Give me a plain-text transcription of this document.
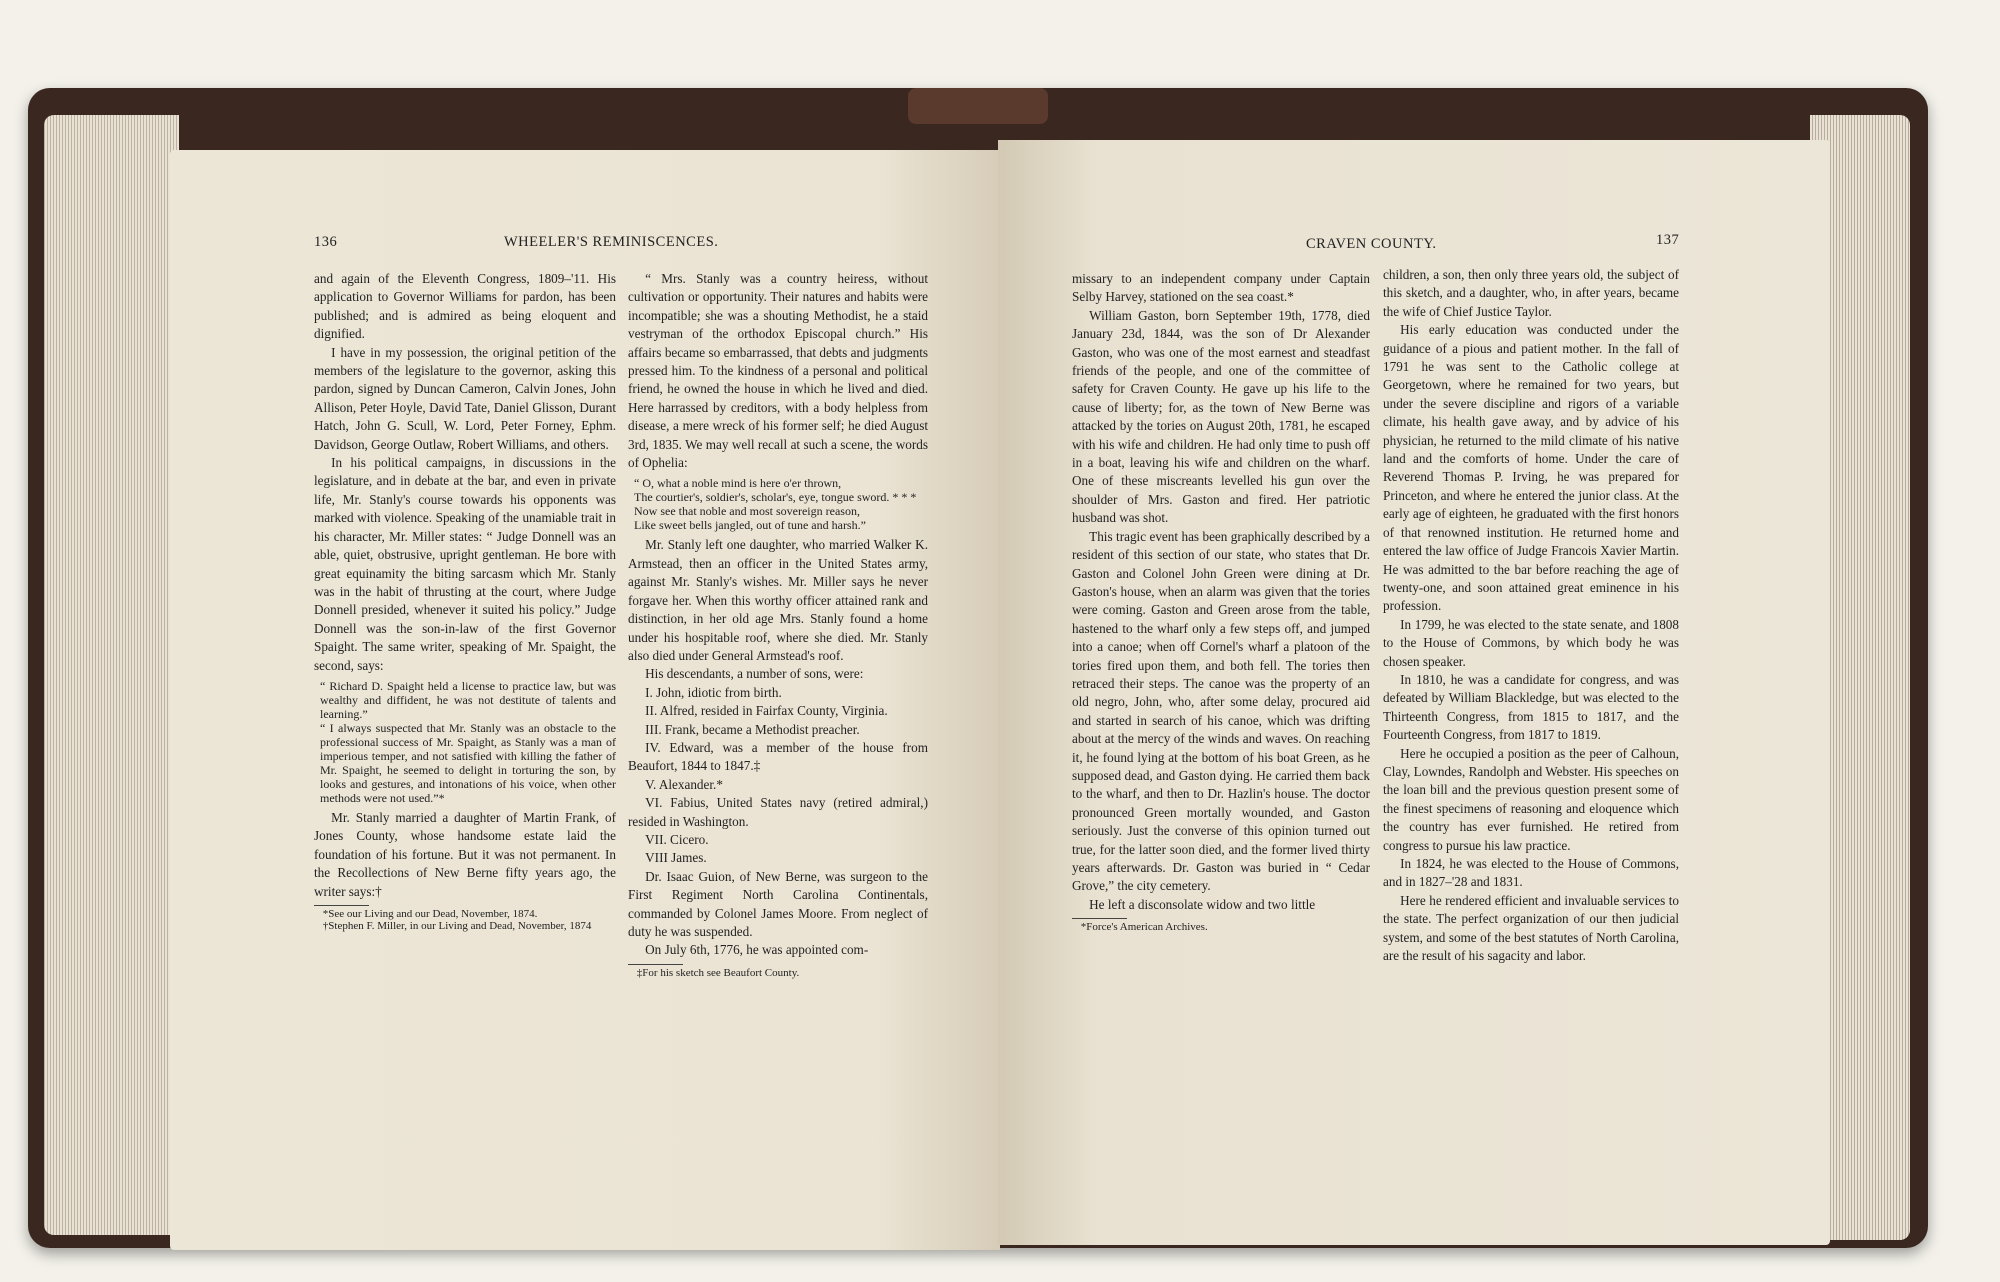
136	WHEELER'S REMINISCENCES.

and again of the Eleventh Congress, 1809–'11. His application to Governor Williams for pardon, has been published; and is admired as being eloquent and dignified.

I have in my possession, the original petition of the members of the legislature to the governor, asking this pardon, signed by Duncan Cameron, Calvin Jones, John Allison, Peter Hoyle, David Tate, Daniel Glisson, Durant Hatch, John G. Scull, W. Lord, Peter Forney, Ephm. Davidson, George Outlaw, Robert Williams, and others.

In his political campaigns, in discussions in the legislature, and in debate at the bar, and even in private life, Mr. Stanly's course towards his opponents was marked with violence. Speaking of the unamiable trait in his character, Mr. Miller states: “ Judge Donnell was an able, quiet, obstrusive, upright gentleman. He bore with great equinamity the biting sarcasm which Mr. Stanly was in the habit of thrusting at the court, where Judge Donnell presided, whenever it suited his policy.” Judge Donnell was the son-in-law of the first Governor Spaight. The same writer, speaking of Mr. Spaight, the second, says:

“ Richard D. Spaight held a license to practice law, but was wealthy and diffident, he was not destitute of talents and learning.”

“ I always suspected that Mr. Stanly was an obstacle to the professional success of Mr. Spaight, as Stanly was a man of imperious temper, and not satisfied with killing the father of Mr. Spaight, he seemed to delight in torturing the son, by looks and gestures, and intonations of his voice, when other methods were not used.”*

Mr. Stanly married a daughter of Martin Frank, of Jones County, whose handsome estate laid the foundation of his fortune. But it was not permanent. In the Recollections of New Berne fifty years ago, the writer says:†

*See our Living and our Dead, November, 1874.

†Stephen F. Miller, in our Living and Dead, November, 1874

“ Mrs. Stanly was a country heiress, without cultivation or opportunity. Their natures and habits were incompatible; she was a shouting Methodist, he a staid vestryman of the orthodox Episcopal church.” His affairs became so embarrassed, that debts and judgments pressed him. To the kindness of a personal and political friend, he owned the house in which he lived and died. Here harrassed by creditors, with a body helpless from disease, a mere wreck of his former self; he died August 3rd, 1835. We may well recall at such a scene, the words of Ophelia:

“ O, what a noble mind is here o'er thrown,

The courtier's, soldier's, scholar's, eye, tongue sword. * * *

Now see that noble and most sovereign reason,

Like sweet bells jangled, out of tune and harsh.”

Mr. Stanly left one daughter, who married Walker K. Armstead, then an officer in the United States army, against Mr. Stanly's wishes. Mr. Miller says he never forgave her. When this worthy officer attained rank and distinction, in her old age Mrs. Stanly found a home under his hospitable roof, where she died. Mr. Stanly also died under General Armstead's roof.

His descendants, a number of sons, were:

I. John, idiotic from birth.

II. Alfred, resided in Fairfax County, Virginia.

III. Frank, became a Methodist preacher.

IV. Edward, was a member of the house from Beaufort, 1844 to 1847.‡

V. Alexander.*

VI. Fabius, United States navy (retired admiral,) resided in Washington.

VII. Cicero.

VIII James.

Dr. Isaac Guion, of New Berne, was surgeon to the First Regiment North Carolina Continentals, commanded by Colonel James Moore. From neglect of duty he was suspended.

On July 6th, 1776, he was appointed com-

‡For his sketch see Beaufort County.

CRAVEN COUNTY.	137

missary to an independent company under Captain Selby Harvey, stationed on the sea coast.*

William Gaston, born September 19th, 1778, died January 23d, 1844, was the son of Dr Alexander Gaston, who was one of the most earnest and steadfast friends of the people, and one of the committee of safety for Craven County. He gave up his life to the cause of liberty; for, as the town of New Berne was attacked by the tories on August 20th, 1781, he escaped with his wife and children. He had only time to push off in a boat, leaving his wife and children on the wharf. One of these miscreants levelled his gun over the shoulder of Mrs. Gaston and fired. Her patriotic husband was shot.

This tragic event has been graphically described by a resident of this section of our state, who states that Dr. Gaston and Colonel John Green were dining at Dr. Gaston's house, when an alarm was given that the tories were coming. Gaston and Green arose from the table, hastened to the wharf only a few steps off, and jumped into a canoe; when off Cornel's wharf a platoon of the tories fired upon them, and both fell. The tories then retraced their steps. The canoe was the property of an old negro, John, who, after some delay, procured aid and started in search of his canoe, which was drifting about at the mercy of the winds and waves. On reaching it, he found lying at the bottom of his boat Green, as he supposed dead, and Gaston dying. He carried them back to the wharf, and then to Dr. Hazlin's house. The doctor pronounced Green mortally wounded, and Gaston seriously. Just the converse of this opinion turned out true, for the latter soon died, and the former lived thirty years afterwards. Dr. Gaston was buried in “ Cedar Grove,” the city cemetery.

He left a disconsolate widow and two little

*Force's American Archives.

children, a son, then only three years old, the subject of this sketch, and a daughter, who, in after years, became the wife of Chief Justice Taylor.

His early education was conducted under the guidance of a pious and patient mother. In the fall of 1791 he was sent to the Catholic college at Georgetown, where he remained for two years, but under the severe discipline and rigors of a variable climate, his health gave away, and by advice of his physician, he returned to the mild climate of his native land and the comforts of home. Under the care of Reverend Thomas P. Irving, he was prepared for Princeton, and where he entered the junior class. At the early age of eighteen, he graduated with the first honors of that renowned institution. He returned home and entered the law office of Judge Francois Xavier Martin. He was admitted to the bar before reaching the age of twenty-one, and soon attained great eminence in his profession.

In 1799, he was elected to the state senate, and 1808 to the House of Commons, by which body he was chosen speaker.

In 1810, he was a candidate for congress, and was defeated by William Blackledge, but was elected to the Thirteenth Congress, from 1815 to 1817, and the Fourteenth Congress, from 1817 to 1819.

Here he occupied a position as the peer of Calhoun, Clay, Lowndes, Randolph and Webster. His speeches on the loan bill and the previous question present some of the finest specimens of reasoning and eloquence which the country has ever furnished. He retired from congress to pursue his law practice.

In 1824, he was elected to the House of Commons, and in 1827–'28 and 1831.

Here he rendered efficient and invaluable services to the state. The perfect organization of our then judicial system, and some of the best statutes of North Carolina, are the result of his sagacity and labor.
